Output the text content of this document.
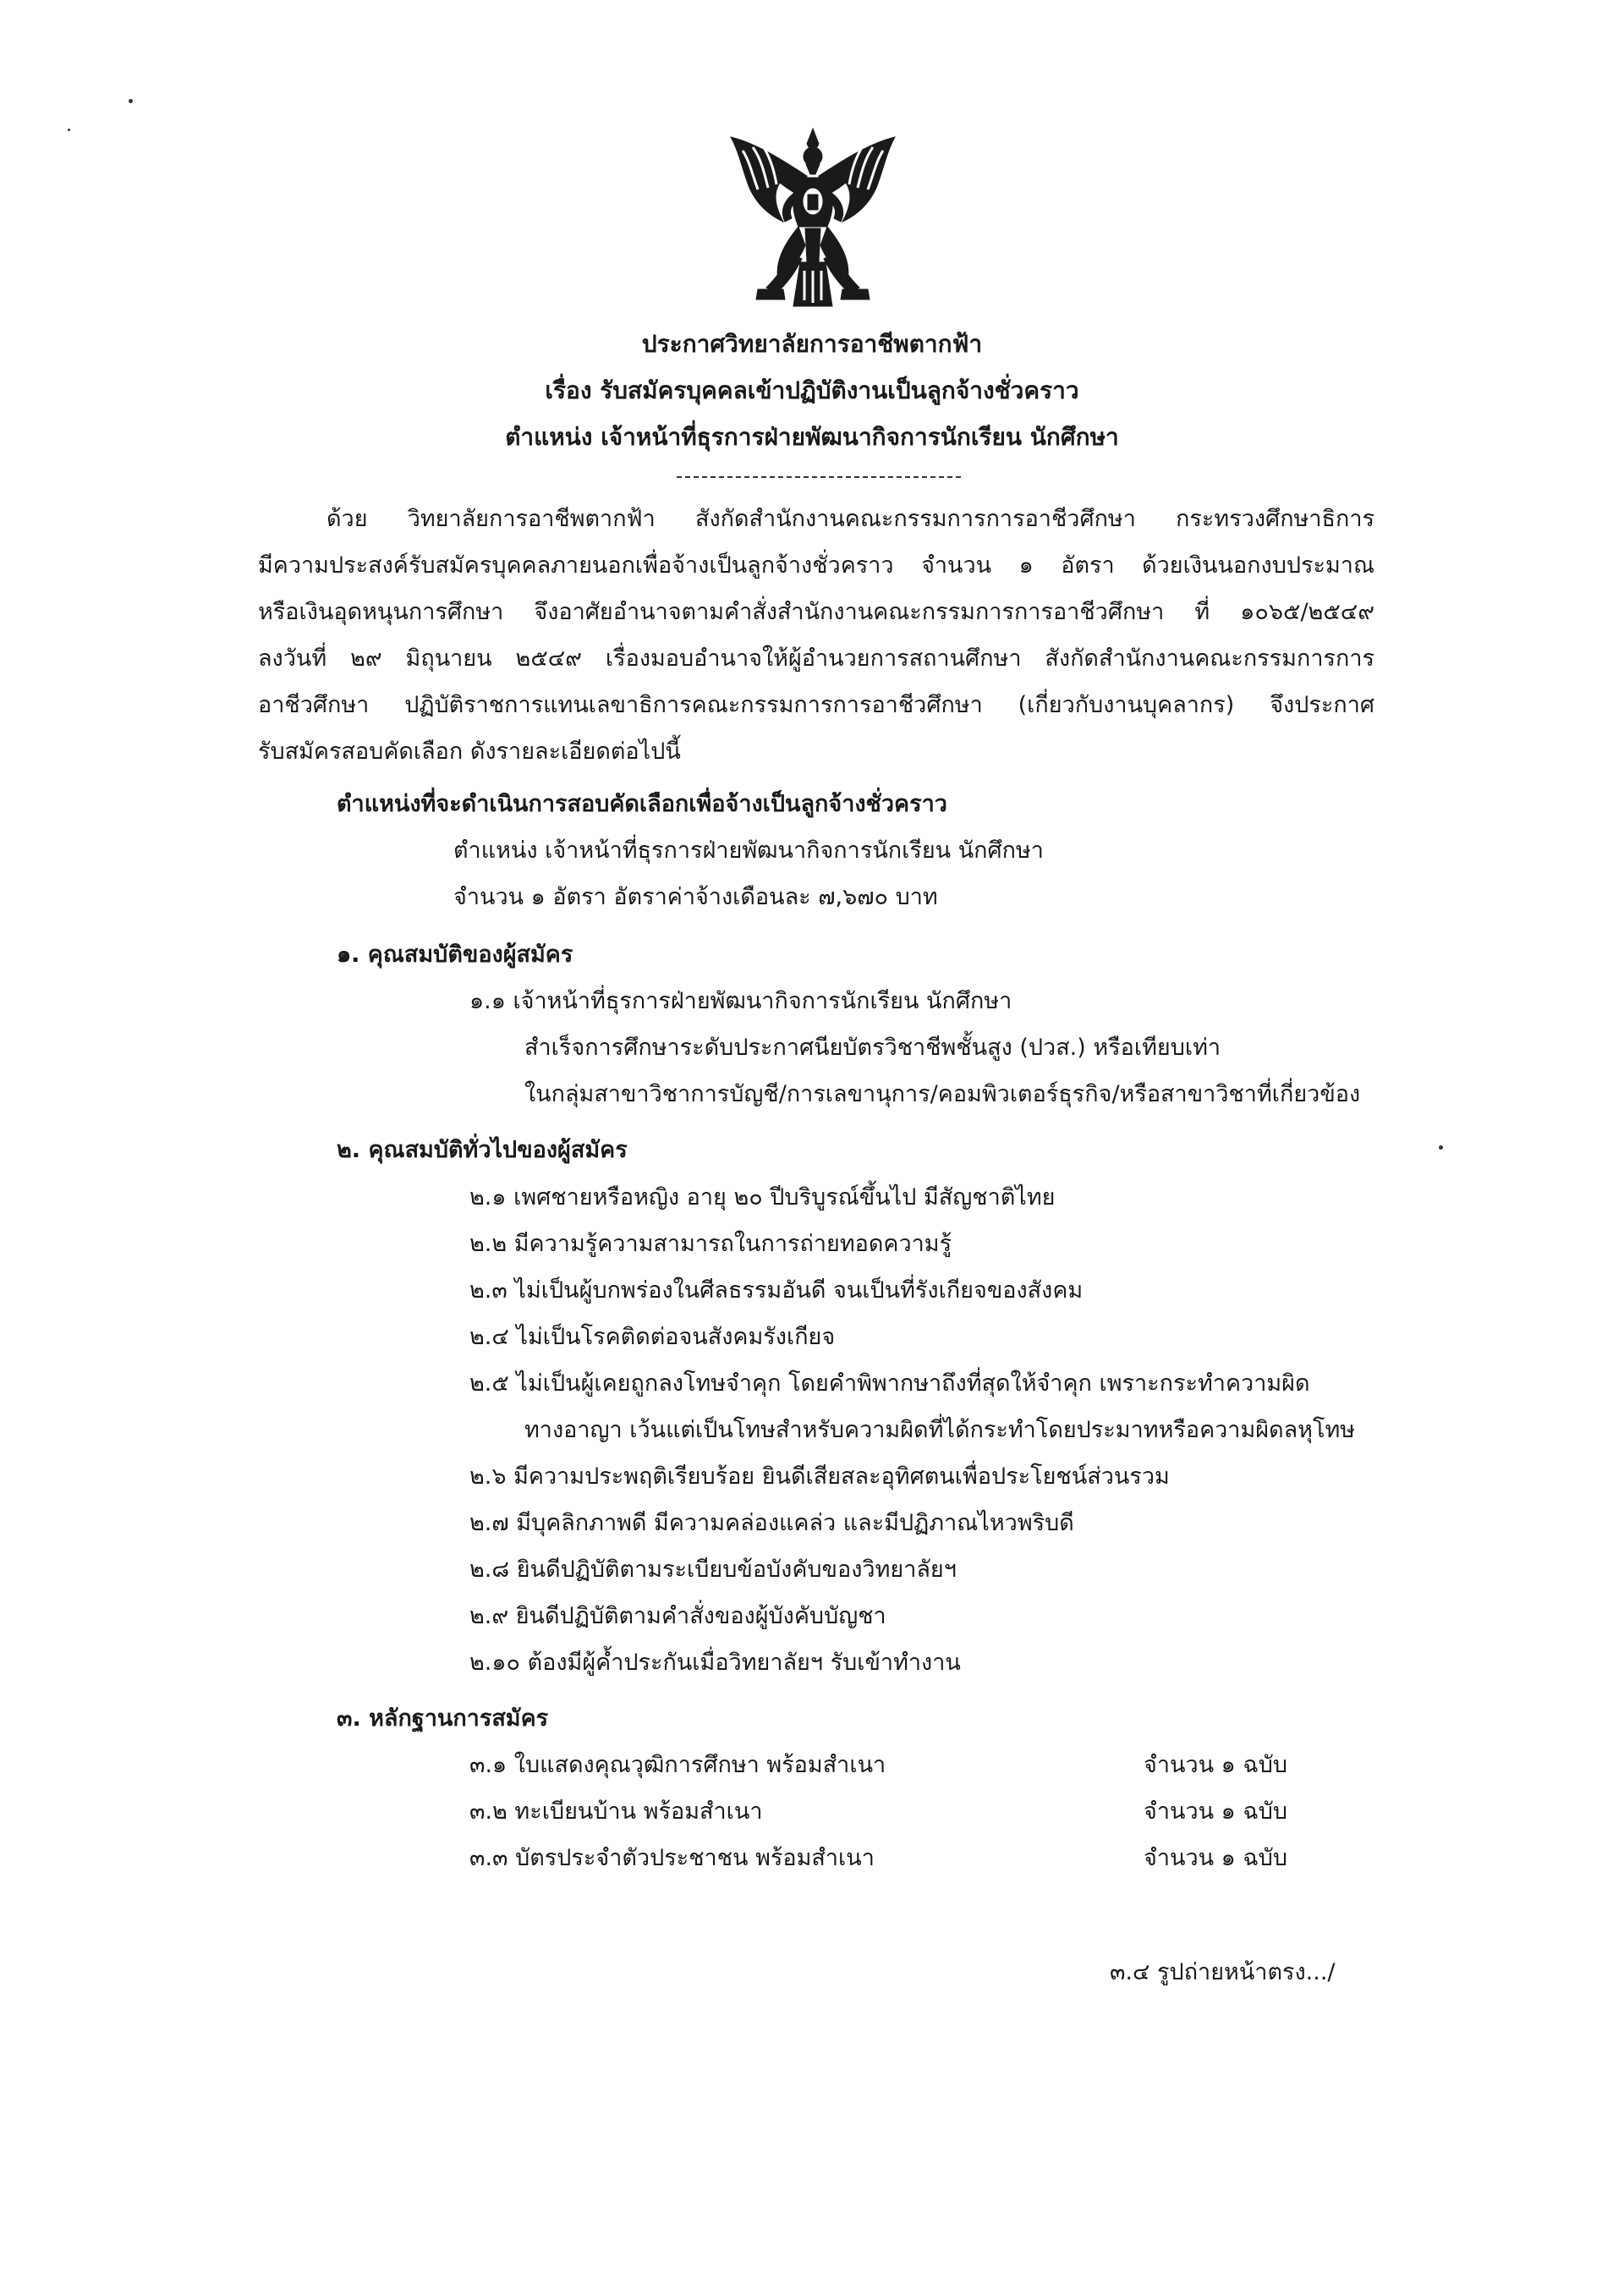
ประกาศวิทยาลัยการอาชีพตากฟ้า
เรื่อง รับสมัครบุคคลเข้าปฏิบัติงานเป็นลูกจ้างชั่วคราว
ตำแหน่ง เจ้าหน้าที่ธุรการฝ่ายพัฒนากิจการนักเรียน นักศึกษา
ด้วย วิทยาลัยการอาชีพตากฟ้า สังกัดสำนักงานคณะกรรมการการอาชีวศึกษา กระทรวงศึกษาธิการ
มีความประสงค์รับสมัครบุคคลภายนอกเพื่อจ้างเป็นลูกจ้างชั่วคราว จำนวน ๑ อัตรา ด้วยเงินนอกงบประมาณ
หรือเงินอุดหนุนการศึกษา จึงอาศัยอำนาจตามคำสั่งสำนักงานคณะกรรมการการอาชีวศึกษา ที่ ๑๐๖๕/๒๕๔๙
ลงวันที่ ๒๙ มิถุนายน ๒๕๔๙ เรื่องมอบอำนาจให้ผู้อำนวยการสถานศึกษา สังกัดสำนักงานคณะกรรมการการ
อาชีวศึกษา ปฏิบัติราชการแทนเลขาธิการคณะกรรมการการอาชีวศึกษา (เกี่ยวกับงานบุคลากร) จึงประกาศ
รับสมัครสอบคัดเลือก ดังรายละเอียดต่อไปนี้
ตำแหน่งที่จะดำเนินการสอบคัดเลือกเพื่อจ้างเป็นลูกจ้างชั่วคราว
ตำแหน่ง เจ้าหน้าที่ธุรการฝ่ายพัฒนากิจการนักเรียน นักศึกษา
จำนวน ๑ อัตรา อัตราค่าจ้างเดือนละ ๗,๖๗๐ บาท
๑. คุณสมบัติของผู้สมัคร
๑.๑ เจ้าหน้าที่ธุรการฝ่ายพัฒนากิจการนักเรียน นักศึกษา
สำเร็จการศึกษาระดับประกาศนียบัตรวิชาชีพชั้นสูง (ปวส.) หรือเทียบเท่า
ในกลุ่มสาขาวิชาการบัญชี/การเลขานุการ/คอมพิวเตอร์ธุรกิจ/หรือสาขาวิชาที่เกี่ยวข้อง
๒. คุณสมบัติทั่วไปของผู้สมัคร
๒.๑ เพศชายหรือหญิง อายุ ๒๐ ปีบริบูรณ์ขึ้นไป มีสัญชาติไทย
๒.๒ มีความรู้ความสามารถในการถ่ายทอดความรู้
๒.๓ ไม่เป็นผู้บกพร่องในศีลธรรมอันดี จนเป็นที่รังเกียจของสังคม
๒.๔ ไม่เป็นโรคติดต่อจนสังคมรังเกียจ
๒.๕ ไม่เป็นผู้เคยถูกลงโทษจำคุก โดยคำพิพากษาถึงที่สุดให้จำคุก เพราะกระทำความผิด
ทางอาญา เว้นแต่เป็นโทษสำหรับความผิดที่ได้กระทำโดยประมาทหรือความผิดลหุโทษ
๒.๖ มีความประพฤติเรียบร้อย ยินดีเสียสละอุทิศตนเพื่อประโยชน์ส่วนรวม
๒.๗ มีบุคลิกภาพดี มีความคล่องแคล่ว และมีปฏิภาณไหวพริบดี
๒.๘ ยินดีปฏิบัติตามระเบียบข้อบังคับของวิทยาลัยฯ
๒.๙ ยินดีปฏิบัติตามคำสั่งของผู้บังคับบัญชา
๒.๑๐ ต้องมีผู้ค้ำประกันเมื่อวิทยาลัยฯ รับเข้าทำงาน
๓. หลักฐานการสมัคร
๓.๑ ใบแสดงคุณวุฒิการศึกษา พร้อมสำเนา	จำนวน ๑ ฉบับ
๓.๒ ทะเบียนบ้าน พร้อมสำเนา	จำนวน ๑ ฉบับ
๓.๓ บัตรประจำตัวประชาชน พร้อมสำเนา	จำนวน ๑ ฉบับ
๓.๔ รูปถ่ายหน้าตรง.../
